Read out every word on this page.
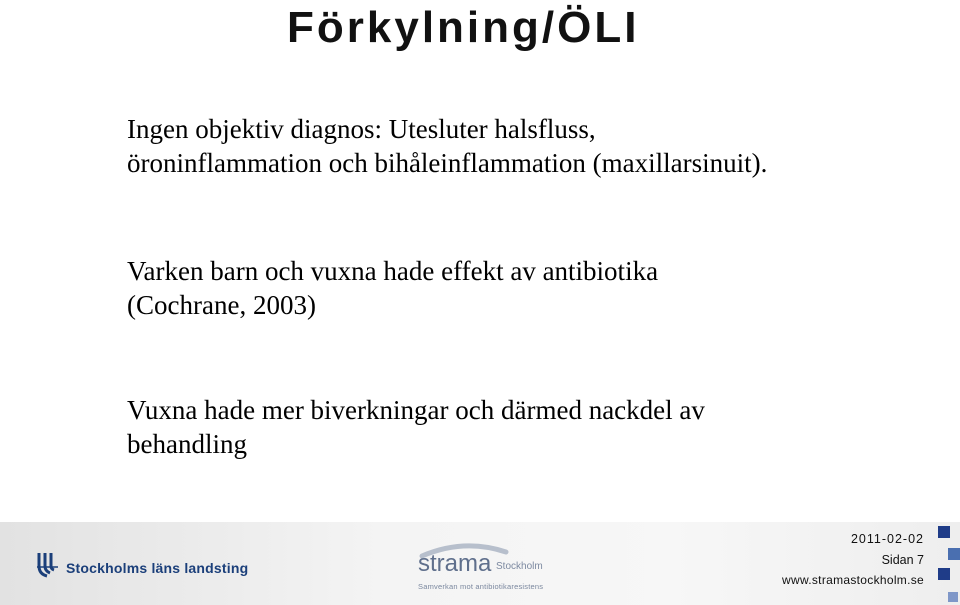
Förkylning/ÖLI

Ingen objektiv diagnos: Utesluter halsfluss,
öroninflammation och bihåleinflammation (maxillarsinuit).

Varken barn och vuxna hade effekt av antibiotika
(Cochrane, 2003)

Vuxna hade mer biverkningar och därmed nackdel av
behandling

Stockholms läns landsting	strama Stockholm
Samverkan mot antibiotikaresistens
2011-02-02
Sidan 7
www.stramastockholm.se
